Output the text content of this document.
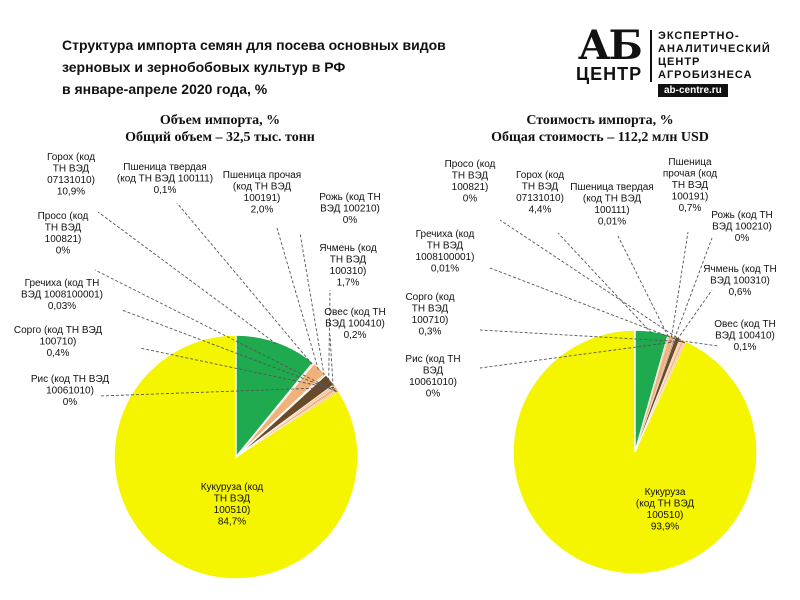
Структура импорта семян для посева основных видов
зерновых и зернобобовых культур в РФ
в январе-апреле 2020 года, %
АБ
ЦЕНТР
ЭКСПЕРТНО-
АНАЛИТИЧЕСКИЙ
ЦЕНТР
АГРОБИЗНЕСА
ab-centre.ru
Объем импорта, %
Общий объем – 32,5 тыс. тонн
Стоимость импорта, %
Общая стоимость – 112,2 млн USD
Кукуруза (код ТН ВЭД 100510) 84,7%
Горох (код ТН ВЭД 07131010) 10,9%
Пшеница твердая (код ТН ВЭД 100111) 0,1%
Пшеница прочая (код ТН ВЭД 100191) 2,0%
Рожь (код ТН ВЭД 100210) 0%
Ячмень (код ТН ВЭД 100310) 1,7%
Овес (код ТН ВЭД 100410) 0,2%
Рис (код ТН ВЭД 10061010) 0%
Сорго (код ТН ВЭД 100710) 0,4%
Гречиха (код ТН ВЭД 1008100001) 0,03%
Просо (код ТН ВЭД 100821) 0%
Кукуруза (код ТН ВЭД 100510) 93,9%
Горох (код ТН ВЭД 07131010) 4,4%
Пшеница твердая (код ТН ВЭД 100111) 0,01%
Пшеница прочая (код ТН ВЭД 100191) 0,7%
Рожь (код ТН ВЭД 100210) 0%
Ячмень (код ТН ВЭД 100310) 0,6%
Овес (код ТН ВЭД 100410) 0,1%
Рис (код ТН ВЭД 10061010) 0%
Сорго (код ТН ВЭД 100710) 0,3%
Гречиха (код ТН ВЭД 1008100001) 0,01%
Просо (код ТН ВЭД 100821) 0%
